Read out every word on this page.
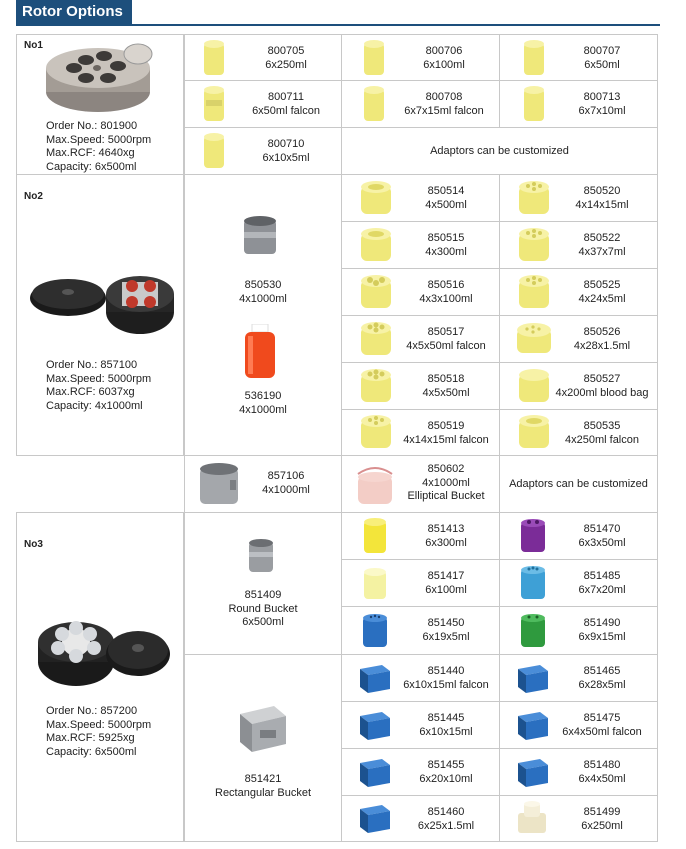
Rotor Options
No1
Order No.: 801900
Max.Speed: 5000rpm
Max.RCF: 4640xg
Capacity: 6x500ml
800705
6x250ml
800706
6x100ml
800707
6x50ml
800711
6x50ml falcon
800708
6x7x15ml falcon
800713
6x7x10ml
800710
6x10x5ml
Adaptors can be customized
No2
Order No.: 857100
Max.Speed: 5000rpm
Max.RCF: 6037xg
Capacity: 4x1000ml
850530
4x1000ml
536190
4x1000ml
850514
4x500ml
850520
4x14x15ml
850515
4x300ml
850522
4x37x7ml
850516
4x3x100ml
850525
4x24x5ml
850517
4x5x50ml falcon
850526
4x28x1.5ml
850518
4x5x50ml
850527
4x200ml blood bag
850519
4x14x15ml falcon
850535
4x250ml falcon
857106
4x1000ml
850602
4x1000ml
Elliptical Bucket
Adaptors can be customized
No3
Order No.: 857200
Max.Speed: 5000rpm
Max.RCF: 5925xg
Capacity: 6x500ml
851409
Round Bucket
6x500ml
851421
Rectangular Bucket
851413
6x300ml
851470
6x3x50ml
851417
6x100ml
851485
6x7x20ml
851450
6x19x5ml
851490
6x9x15ml
851440
6x10x15ml falcon
851465
6x28x5ml
851445
6x10x15ml
851475
6x4x50ml falcon
851455
6x20x10ml
851480
6x4x50ml
851460
6x25x1.5ml
851499
6x250ml
